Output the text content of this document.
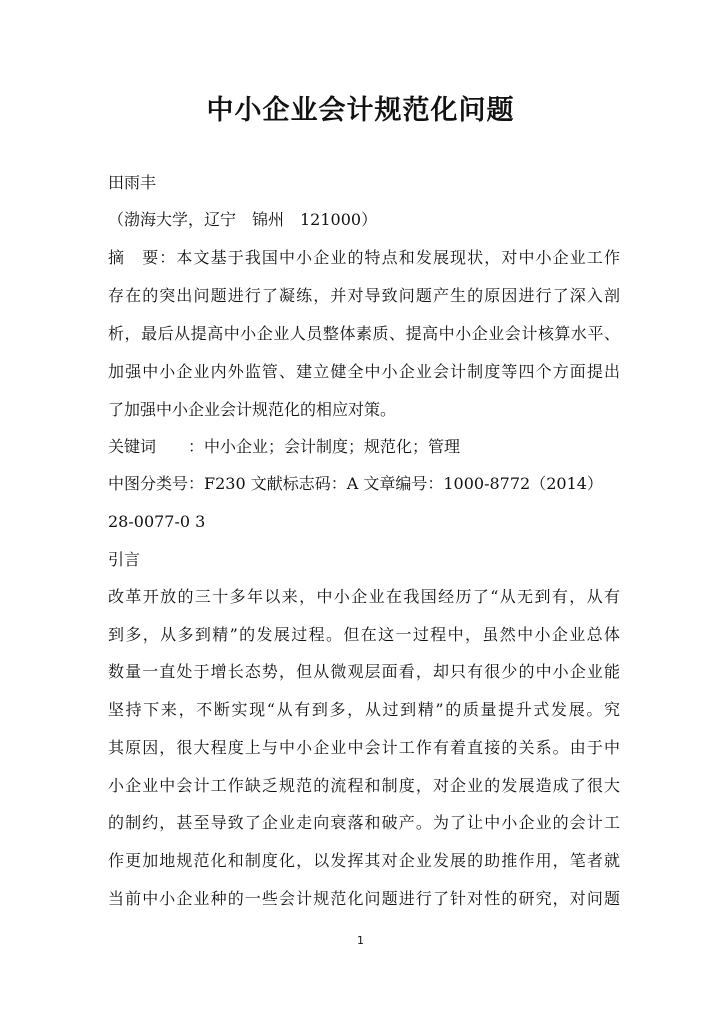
中小企业会计规范化问题
田雨丰
（渤海大学，辽宁　锦州　121000）
摘　要：本文基于我国中小企业的特点和发展现状，对中小企业工作
存在的突出问题进行了凝练，并对导致问题产生的原因进行了深入剖
析，最后从提高中小企业人员整体素质、提高中小企业会计核算水平、
加强中小企业内外监管、建立健全中小企业会计制度等四个方面提出
了加强中小企业会计规范化的相应对策。
关键词　　：中小企业；会计制度；规范化；管理
中图分类号：F230 文献标志码：A 文章编号：1000-8772（2014）
28-0077-0 3
引言
改革开放的三十多年以来，中小企业在我国经历了“从无到有，从有
到多，从多到精”的发展过程。但在这一过程中，虽然中小企业总体
数量一直处于增长态势，但从微观层面看，却只有很少的中小企业能
坚持下来，不断实现“从有到多，从过到精”的质量提升式发展。究
其原因，很大程度上与中小企业中会计工作有着直接的关系。由于中
小企业中会计工作缺乏规范的流程和制度，对企业的发展造成了很大
的制约，甚至导致了企业走向衰落和破产。为了让中小企业的会计工
作更加地规范化和制度化，以发挥其对企业发展的助推作用，笔者就
当前中小企业种的一些会计规范化问题进行了针对性的研究，对问题
1
